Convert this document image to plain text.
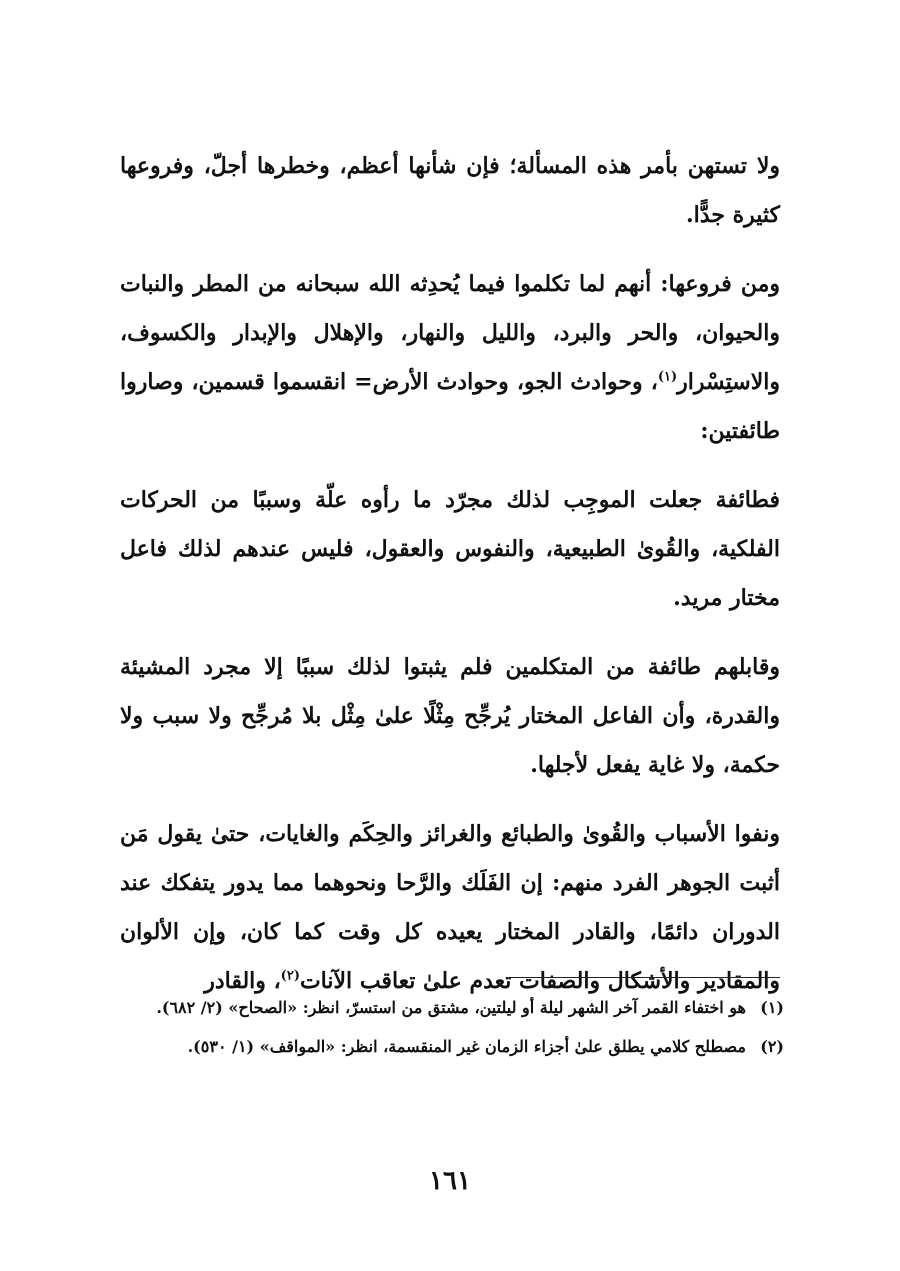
ولا تستهن بأمر هذه المسألة؛ فإن شأنها أعظم، وخطرها أجلّ، وفروعها كثيرة جدًّا.

ومن فروعها: أنهم لما تكلموا فيما يُحدِثه الله سبحانه من المطر والنبات والحيوان، والحر والبرد، والليل والنهار، والإهلال والإبدار والكسوف، والاستِسْرار$^{(١)}$، وحوادث الجو، وحوادث الأرض= انقسموا قسمين، وصاروا طائفتين:

فطائفة جعلت الموجِب لذلك مجرّد ما رأوه علّة وسببًا من الحركات الفلكية، والقُوىٰ الطبيعية، والنفوس والعقول، فليس عندهم لذلك فاعل مختار مريد.

وقابلهم طائفة من المتكلمين فلم يثبتوا لذلك سببًا إلا مجرد المشيئة والقدرة، وأن الفاعل المختار يُرجِّح مِثْلًا علىٰ مِثْل بلا مُرجِّح ولا سبب ولا حكمة، ولا غاية يفعل لأجلها.

ونفوا الأسباب والقُوىٰ والطبائع والغرائز والحِكَم والغايات، حتىٰ يقول مَن أثبت الجوهر الفرد منهم: إن الفَلَك والرَّحا ونحوهما مما يدور يتفكك عند الدوران دائمًا، والقادر المختار يعيده كل وقت كما كان، وإن الألوان والمقادير والأشكال والصفات تعدم علىٰ تعاقب الآنات$^{(٢)}$، والقادر

(١)
هو اختفاء القمر آخر الشهر ليلة أو ليلتين، مشتق من استسرّ، انظر: «الصحاح» (٢/ ٦٨٢).
(٢)
مصطلح كلامي يطلق علىٰ أجزاء الزمان غير المنقسمة، انظر: «المواقف» (١/ ٥٣٠).
١٦١
